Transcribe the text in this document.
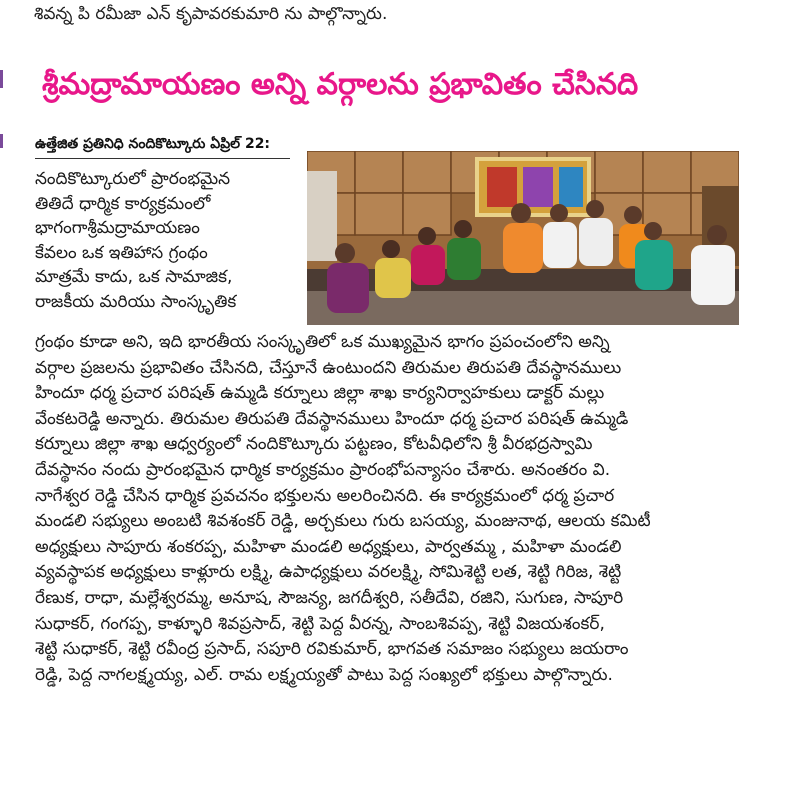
శివన్న పి రమీజా ఎన్ కృపావరకుమారి ను పాల్గొన్నారు.
శ్రీమద్రామాయణం అన్ని వర్గాలను ప్రభావితం చేసినది
ఉత్తేజిత ప్రతినిధి నందికొట్కూరు ఏప్రిల్ 22:

నందికొట్కూరులో ప్రారంభమైన

తితిదే ధార్మిక కార్యక్రమంలో

భాగంగాశ్రీమద్రామాయణం

కేవలం ఒక ఇతిహాస గ్రంథం

మాత్రమే కాదు, ఒక సామాజిక,

రాజకీయ మరియు సాంస్కృతిక

గ్రంథం కూడా అని, ఇది భారతీయ సంస్కృతిలో ఒక ముఖ్యమైన భాగం ప్రపంచంలోని అన్ని

వర్గాల ప్రజలను ప్రభావితం చేసినది, చేస్తూనే ఉంటుందని తిరుమల తిరుపతి దేవస్థానములు

హిందూ ధర్మ ప్రచార పరిషత్ ఉమ్మడి కర్నూలు జిల్లా శాఖ కార్యనిర్వాహకులు డాక్టర్ మల్లు

వేంకటరెడ్డి అన్నారు. తిరుమల తిరుపతి దేవస్థానములు హిందూ ధర్మ ప్రచార పరిషత్ ఉమ్మడి

కర్నూలు జిల్లా శాఖ ఆధ్వర్యంలో నందికొట్కూరు పట్టణం, కోటవీధిలోని శ్రీ వీరభద్రస్వామి

దేవస్థానం నందు ప్రారంభమైన ధార్మిక కార్యక్రమం ప్రారంభోపన్యాసం చేశారు. అనంతరం వి.

నాగేశ్వర రెడ్డి చేసిన ధార్మిక ప్రవచనం భక్తులను అలరించినది. ఈ కార్యక్రమంలో ధర్మ ప్రచార

మండలి సభ్యులు అంబటి శివశంకర్ రెడ్డి, అర్చకులు గురు బసయ్య, మంజునాథ, ఆలయ కమిటీ

అధ్యక్షులు సాపూరు శంకరప్ప, మహిళా మండలి అధ్యక్షులు, పార్వతమ్మ , మహిళా మండలి

వ్యవస్థాపక అధ్యక్షులు కాళ్లూరు లక్ష్మి, ఉపాధ్యక్షులు వరలక్ష్మి, సోమిశెట్టి లత, శెట్టి గిరిజ, శెట్టి

రేణుక, రాధా, మల్లేశ్వరమ్మ, అనూష, సౌజన్య, జగదీశ్వరి, సతీదేవి, రజిని, సుగుణ, సాపూరి

సుధాకర్, గంగప్ప, కాళ్ళూరి శివప్రసాద్, శెట్టి పెద్ద వీరన్న, సాంబశివప్ప, శెట్టి విజయశంకర్,

శెట్టి సుధాకర్, శెట్టి రవీంద్ర ప్రసాద్, సపూరి రవికుమార్, భాగవత సమాజం సభ్యులు జయరాం

రెడ్డి, పెద్ద నాగలక్ష్మయ్య, ఎల్. రామ లక్ష్మయ్యతో పాటు పెద్ద సంఖ్యలో భక్తులు పాల్గొన్నారు.
